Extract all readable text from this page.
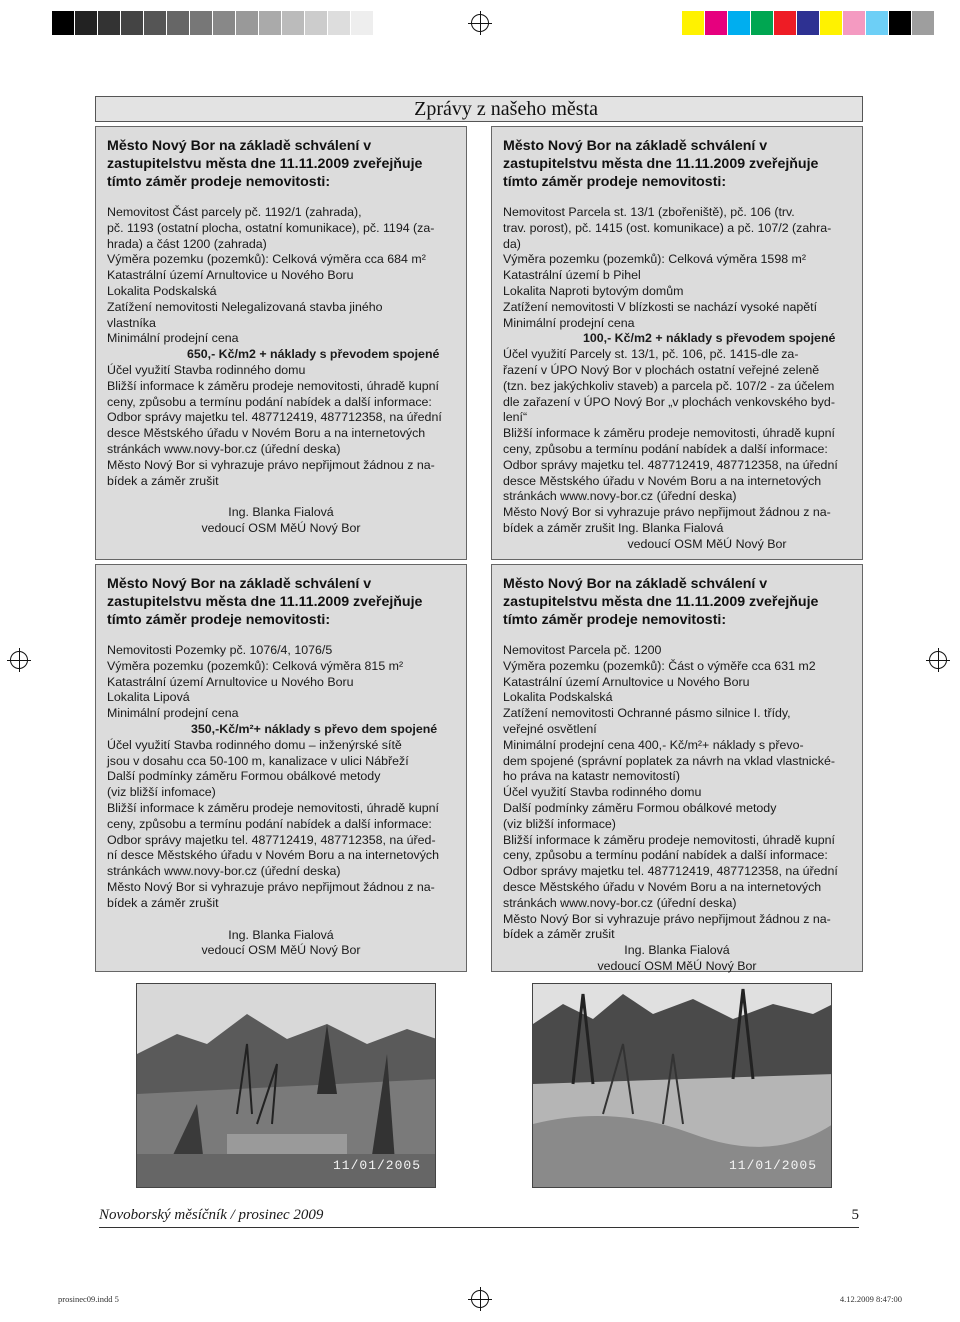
Zprávy z našeho města
Město Nový Bor na základě schválení v zastupitelstvu města dne 11.11.2009 zveřejňuje tímto záměr prodeje nemovitosti:

Nemovitost Část parcely pč. 1192/1 (zahrada),

pč. 1193 (ostatní plocha, ostatní komunikace), pč. 1194 (za-

hrada) a část 1200 (zahrada)

Výměra pozemku (pozemků): Celková výměra cca 684 m²

Katastrální území Arnultovice u Nového Boru

Lokalita Podskalská

Zatížení nemovitosti Nelegalizovaná stavba jiného

vlastníka

Minimální prodejní cena

650,- Kč/m2 + náklady s převodem spojené

Účel využití Stavba rodinného domu

Bližší informace k záměru prodeje nemovitosti, úhradě kupní

ceny, způsobu a termínu podání nabídek a další informace:

Odbor správy majetku tel. 487712419, 487712358, na úřední

desce Městského úřadu v Novém Boru a na internetových

stránkách www.novy-bor.cz (úřední deska)

Město Nový Bor si vyhrazuje právo nepřijmout žádnou z na-

bídek a záměr zrušit

Ing. Blanka Fialová

vedoucí OSM MěÚ Nový Bor

Město Nový Bor na základě schválení v zastupitelstvu města dne 11.11.2009 zveřejňuje tímto záměr prodeje nemovitosti:

Nemovitost Parcela st. 13/1 (zbořeniště), pč. 106 (trv.

trav. porost), pč. 1415 (ost. komunikace) a pč. 107/2 (zahra-

da)

Výměra pozemku (pozemků): Celková výměra 1598 m²

Katastrální území b Pihel

Lokalita Naproti bytovým domům

Zatížení nemovitosti V blízkosti se nachází vysoké napětí

Minimální prodejní cena

100,- Kč/m2 + náklady s převodem spojené

Účel využití Parcely st. 13/1, pč. 106, pč. 1415-dle za-

řazení v ÚPO Nový Bor v plochách ostatní veřejné zeleně

(tzn. bez jakýchkoliv staveb) a parcela pč. 107/2 - za účelem

dle zařazení v ÚPO Nový Bor „v plochách venkovského byd-

lení“

Bližší informace k záměru prodeje nemovitosti, úhradě kupní

ceny, způsobu a termínu podání nabídek a další informace:

Odbor správy majetku tel. 487712419, 487712358, na úřední

desce Městského úřadu v Novém Boru a na internetových

stránkách www.novy-bor.cz (úřední deska)

Město Nový Bor si vyhrazuje právo nepřijmout žádnou z na-

bídek a záměr zrušit Ing. Blanka Fialová

vedoucí OSM MěÚ Nový Bor

Město Nový Bor na základě schválení v zastupitelstvu města dne 11.11.2009 zveřejňuje tímto záměr prodeje nemovitosti:

Nemovitosti Pozemky pč. 1076/4, 1076/5

Výměra pozemku (pozemků): Celková výměra 815 m²

Katastrální území Arnultovice u Nového Boru

Lokalita Lipová

Minimální prodejní cena

350,-Kč/m²+ náklady s převo dem spojené

Účel využití Stavba rodinného domu – inženýrské sítě

jsou v dosahu cca 50-100 m, kanalizace v ulici Nábřeží

Další podmínky záměru Formou obálkové metody

(viz bližší infomace)

Bližší informace k záměru prodeje nemovitosti, úhradě kupní

ceny, způsobu a termínu podání nabídek a další informace:

Odbor správy majetku tel. 487712419, 487712358, na úřed-

ní desce Městského úřadu v Novém Boru a na internetových

stránkách www.novy-bor.cz (úřední deska)

Město Nový Bor si vyhrazuje právo nepřijmout žádnou z na-

bídek a záměr zrušit

Ing. Blanka Fialová

vedoucí OSM MěÚ Nový Bor

Město Nový Bor na základě schválení v zastupitelstvu města dne 11.11.2009 zveřejňuje tímto záměr prodeje nemovitosti:

Nemovitost Parcela pč. 1200

Výměra pozemku (pozemků): Část o výměře cca 631 m2

Katastrální území Arnultovice u Nového Boru

Lokalita Podskalská

Zatížení nemovitosti Ochranné pásmo silnice I. třídy,

veřejné osvětlení

Minimální prodejní cena 400,- Kč/m²+ náklady s převo-

dem spojené (správní poplatek za návrh na vklad vlastnické-

ho práva na katastr nemovitostí)

Účel využití Stavba rodinného domu

Další podmínky záměru Formou obálkové metody

(viz bližší informace)

Bližší informace k záměru prodeje nemovitosti, úhradě kupní

ceny, způsobu a termínu podání nabídek a další informace:

Odbor správy majetku tel. 487712419, 487712358, na úřední

desce Městského úřadu v Novém Boru a na internetových

stránkách www.novy-bor.cz (úřední deska)

Město Nový Bor si vyhrazuje právo nepřijmout žádnou z na-

bídek a záměr zrušit

Ing. Blanka Fialová

vedoucí OSM MěÚ Nový Bor

11/01/2005	11/01/2005
Novoborský měsíčník / prosinec 2009	5
prosinec09.indd 5	4.12.2009 8:47:00
